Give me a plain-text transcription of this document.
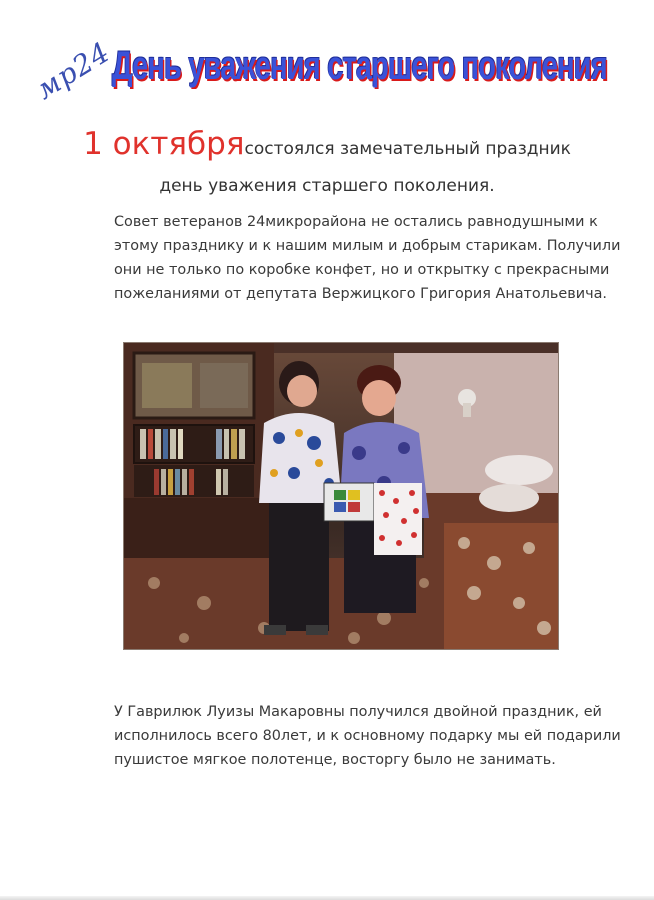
мр24
День уважения старшего поколения
1 октябрясостоялся замечательный праздник
день уважения старшего поколения.
Совет ветеранов 24микрорайона не остались равнодушными к этому празднику и к нашим милым и добрым старикам. Получили они не только по коробке конфет, но и открытку с прекрасными пожеланиями от депутата Вержицкого Григория Анатольевича.
У Гаврилюк Луизы Макаровны получился двойной праздник, ей исполнилось всего 80лет, и к основному подарку мы ей подарили пушистое мягкое полотенце, восторгу было не занимать.
